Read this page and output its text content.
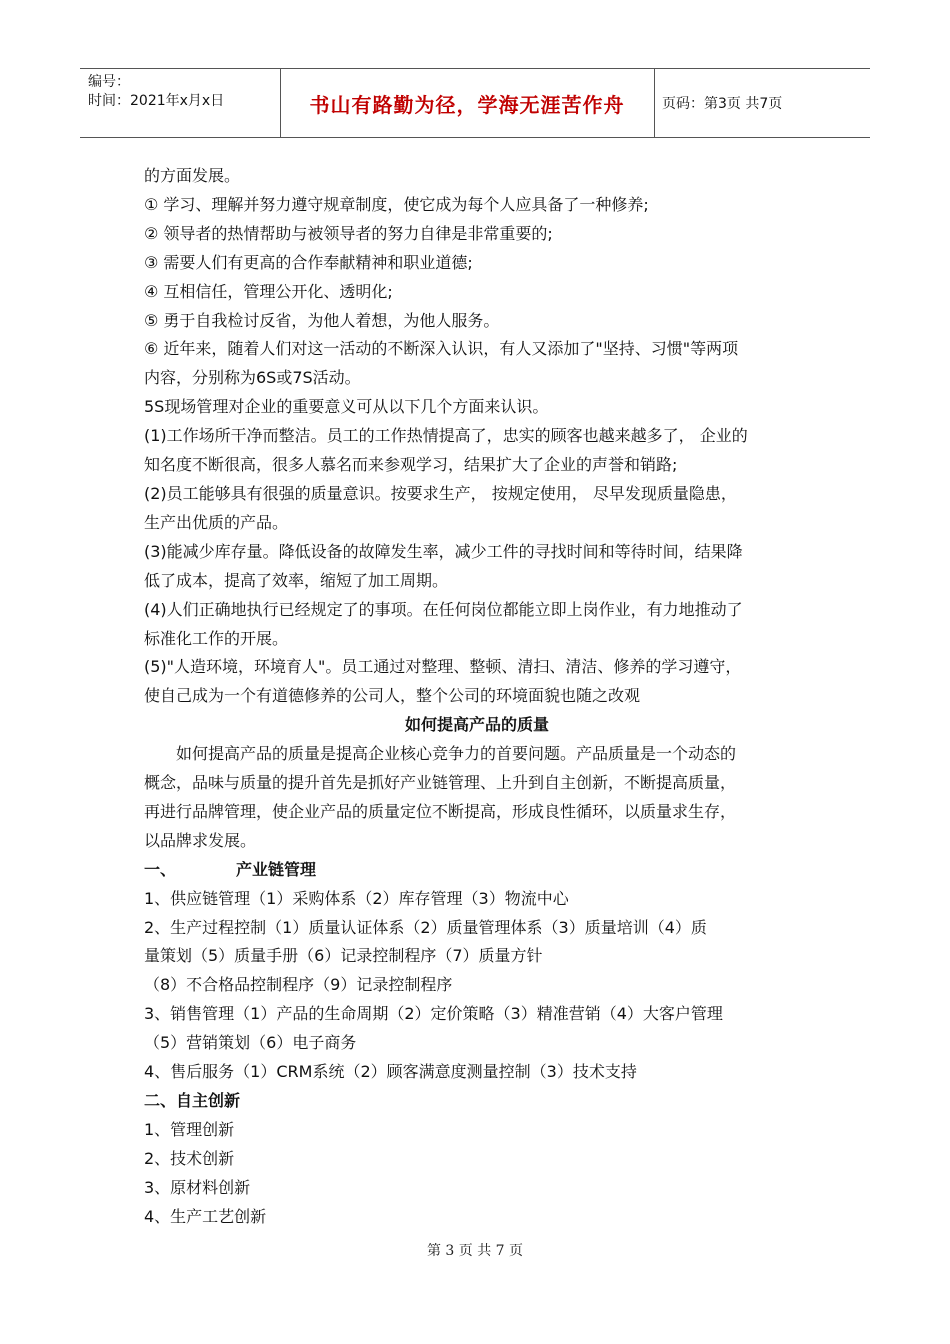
编号：
时间：2021年x月x日	书山有路勤为径，学海无涯苦作舟	页码：第3页 共7页

的方面发展。

① 学习、理解并努力遵守规章制度，使它成为每个人应具备了一种修养;

② 领导者的热情帮助与被领导者的努力自律是非常重要的;

③ 需要人们有更高的合作奉献精神和职业道德;

④ 互相信任，管理公开化、透明化;

⑤ 勇于自我检讨反省，为他人着想，为他人服务。

⑥ 近年来，随着人们对这一活动的不断深入认识，有人又添加了"坚持、习惯"等两项

内容，分别称为6S或7S活动。

5S现场管理对企业的重要意义可从以下几个方面来认识。

(1)工作场所干净而整洁。员工的工作热情提高了，忠实的顾客也越来越多了， 企业的

知名度不断很高，很多人慕名而来参观学习，结果扩大了企业的声誉和销路;

(2)员工能够具有很强的质量意识。按要求生产， 按规定使用， 尽早发现质量隐患，

生产出优质的产品。

(3)能减少库存量。降低设备的故障发生率，减少工件的寻找时间和等待时间，结果降

低了成本，提高了效率，缩短了加工周期。

(4)人们正确地执行已经规定了的事项。在任何岗位都能立即上岗作业，有力地推动了

标准化工作的开展。

(5)"人造环境，环境育人"。员工通过对整理、整顿、清扫、清洁、修养的学习遵守，

使自己成为一个有道德修养的公司人，整个公司的环境面貌也随之改观

如何提高产品的质量

如何提高产品的质量是提高企业核心竞争力的首要问题。产品质量是一个动态的

概念，品味与质量的提升首先是抓好产业链管理、上升到自主创新，不断提高质量，

再进行品牌管理，使企业产品的质量定位不断提高，形成良性循环，以质量求生存，

以品牌求发展。

一、	产业链管理

1、供应链管理（1）采购体系（2）库存管理（3）物流中心

2、生产过程控制（1）质量认证体系（2）质量管理体系（3）质量培训（4）质

量策划（5）质量手册（6）记录控制程序（7）质量方针

（8）不合格品控制程序（9）记录控制程序

3、销售管理（1）产品的生命周期（2）定价策略（3）精准营销（4）大客户管理

（5）营销策划（6）电子商务

4、售后服务（1）CRM系统（2）顾客满意度测量控制（3）技术支持

二、自主创新

1、管理创新

2、技术创新

3、原材料创新

4、生产工艺创新

第 3 页 共 7 页
